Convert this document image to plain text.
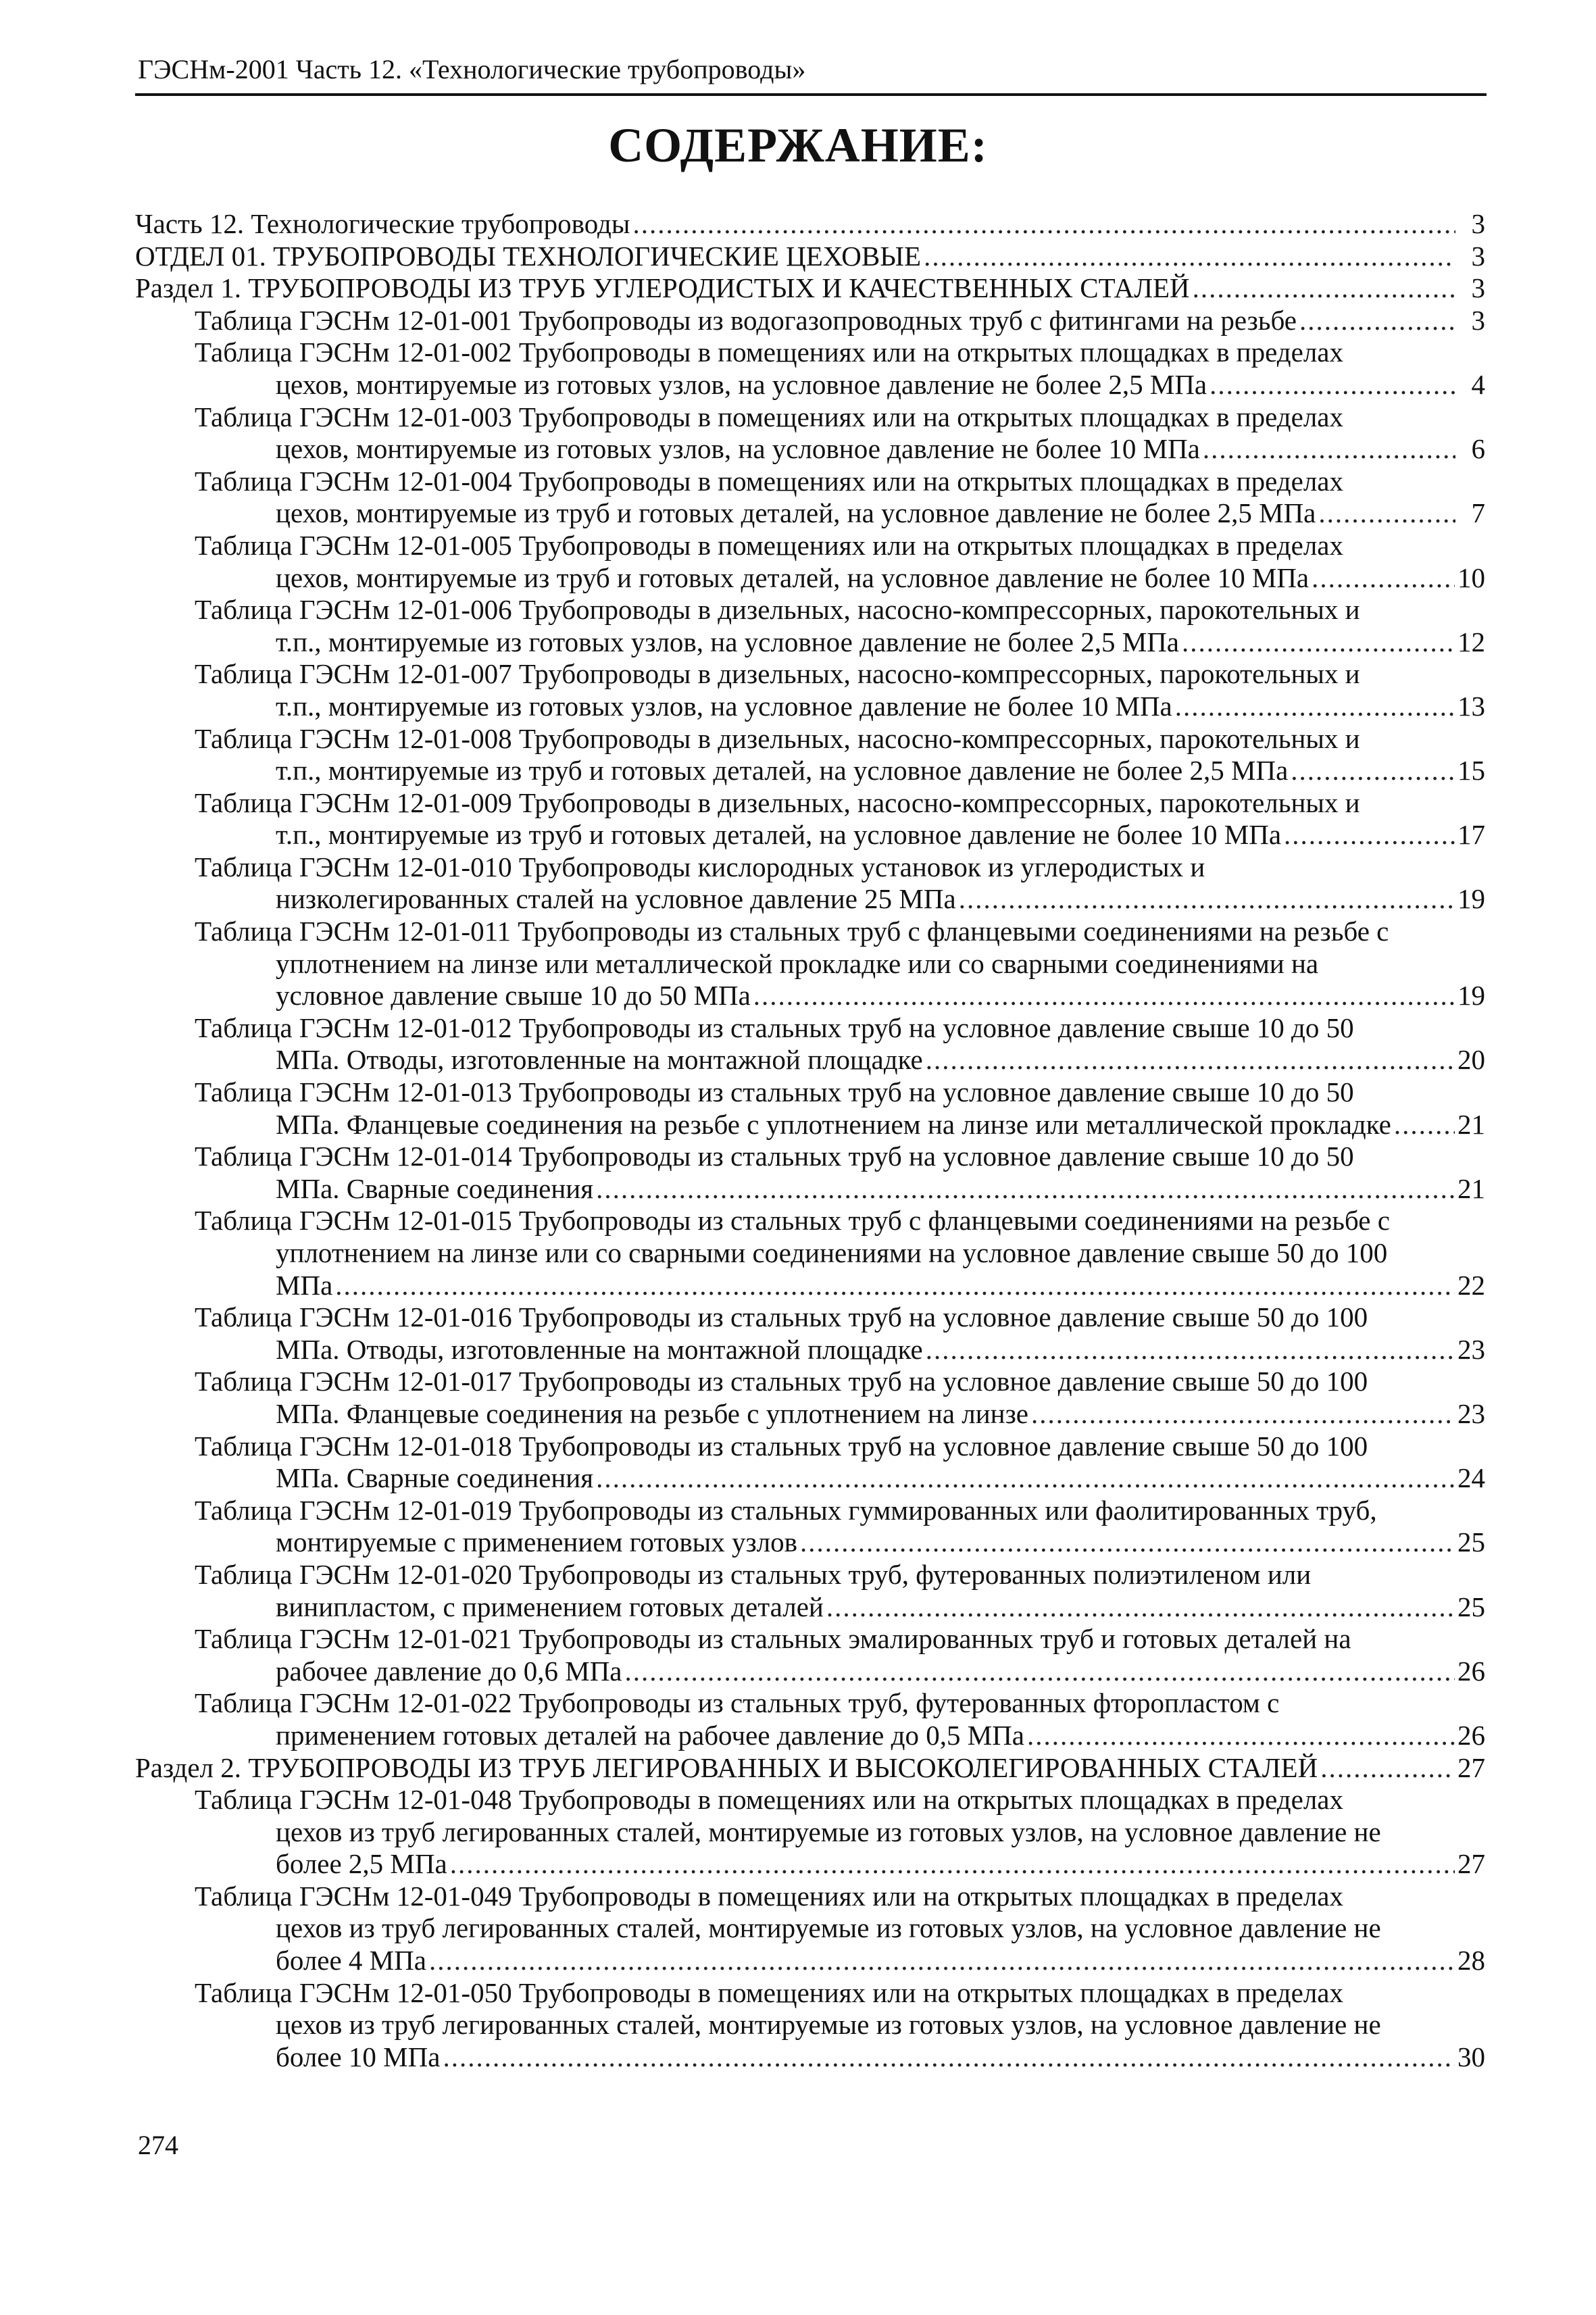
ГЭСНм-2001 Часть 12. «Технологические трубопроводы»
СОДЕРЖАНИЕ:
Часть 12. Технологические трубопроводы .....	3
ОТДЕЛ 01. ТРУБОПРОВОДЫ ТЕХНОЛОГИЧЕСКИЕ ЦЕХОВЫЕ .....	3
Раздел 1. ТРУБОПРОВОДЫ ИЗ ТРУБ УГЛЕРОДИСТЫХ И КАЧЕСТВЕННЫХ СТАЛЕЙ .....	3
Таблица ГЭСНм 12-01-001 Трубопроводы из водогазопроводных труб с фитингами на резьбе .....	3
Таблица ГЭСНм 12-01-002 Трубопроводы в помещениях или на открытых площадках в пределах
цехов, монтируемые из готовых узлов, на условное давление не более 2,5 МПа .....	4
Таблица ГЭСНм 12-01-003 Трубопроводы в помещениях или на открытых площадках в пределах
цехов, монтируемые из готовых узлов, на условное давление не более 10 МПа .....	6
Таблица ГЭСНм 12-01-004 Трубопроводы в помещениях или на открытых площадках в пределах
цехов, монтируемые из труб и готовых деталей, на условное давление не более 2,5 МПа .....	7
Таблица ГЭСНм 12-01-005 Трубопроводы в помещениях или на открытых площадках в пределах
цехов, монтируемые из труб и готовых деталей, на условное давление не более 10 МПа .....	10
Таблица ГЭСНм 12-01-006 Трубопроводы в дизельных, насосно-компрессорных, парокотельных и
т.п., монтируемые из готовых узлов, на условное давление не более 2,5 МПа .....	12
Таблица ГЭСНм 12-01-007 Трубопроводы в дизельных, насосно-компрессорных, парокотельных и
т.п., монтируемые из готовых узлов, на условное давление не более 10 МПа .....	13
Таблица ГЭСНм 12-01-008 Трубопроводы в дизельных, насосно-компрессорных, парокотельных и
т.п., монтируемые из труб и готовых деталей, на условное давление не более 2,5 МПа .....	15
Таблица ГЭСНм 12-01-009 Трубопроводы в дизельных, насосно-компрессорных, парокотельных и
т.п., монтируемые из труб и готовых деталей, на условное давление не более 10 МПа .....	17
Таблица ГЭСНм 12-01-010 Трубопроводы кислородных установок из углеродистых и
низколегированных сталей на условное давление 25 МПа .....	19
Таблица ГЭСНм 12-01-011 Трубопроводы из стальных труб с фланцевыми соединениями на резьбе с
уплотнением на линзе или металлической прокладке или со сварными соединениями на
условное давление свыше 10 до 50 МПа .....	19
Таблица ГЭСНм 12-01-012 Трубопроводы из стальных труб на условное давление свыше 10 до 50
МПа. Отводы, изготовленные на монтажной площадке .....	20
Таблица ГЭСНм 12-01-013 Трубопроводы из стальных труб на условное давление свыше 10 до 50
МПа. Фланцевые соединения на резьбе с уплотнением на линзе или металлической прокладке ..... 21
Таблица ГЭСНм 12-01-014 Трубопроводы из стальных труб на условное давление свыше 10 до 50
МПа. Сварные соединения .....	21
Таблица ГЭСНм 12-01-015 Трубопроводы из стальных труб с фланцевыми соединениями на резьбе с
уплотнением на линзе или со сварными соединениями на условное давление свыше 50 до 100
МПа .....	22
Таблица ГЭСНм 12-01-016 Трубопроводы из стальных труб на условное давление свыше 50 до 100
МПа. Отводы, изготовленные на монтажной площадке .....	23
Таблица ГЭСНм 12-01-017 Трубопроводы из стальных труб на условное давление свыше 50 до 100
МПа. Фланцевые соединения на резьбе с уплотнением на линзе .....	23
Таблица ГЭСНм 12-01-018 Трубопроводы из стальных труб на условное давление свыше 50 до 100
МПа. Сварные соединения .....	24
Таблица ГЭСНм 12-01-019 Трубопроводы из стальных гуммированных или фаолитированных труб,
монтируемые с применением готовых узлов .....	25
Таблица ГЭСНм 12-01-020 Трубопроводы из стальных труб, футерованных полиэтиленом или
винипластом, с применением готовых деталей .....	25
Таблица ГЭСНм 12-01-021 Трубопроводы из стальных эмалированных труб и готовых деталей на
рабочее давление до 0,6 МПа .....	26
Таблица ГЭСНм 12-01-022 Трубопроводы из стальных труб, футерованных фторопластом с
применением готовых деталей на рабочее давление до 0,5 МПа .....	26
Раздел 2. ТРУБОПРОВОДЫ ИЗ ТРУБ ЛЕГИРОВАННЫХ И ВЫСОКОЛЕГИРОВАННЫХ СТАЛЕЙ .....	27
Таблица ГЭСНм 12-01-048 Трубопроводы в помещениях или на открытых площадках в пределах
цехов из труб легированных сталей, монтируемые из готовых узлов, на условное давление не
более 2,5 МПа .....	27
Таблица ГЭСНм 12-01-049 Трубопроводы в помещениях или на открытых площадках в пределах
цехов из труб легированных сталей, монтируемые из готовых узлов, на условное давление не
более 4 МПа .....	28
Таблица ГЭСНм 12-01-050 Трубопроводы в помещениях или на открытых площадках в пределах
цехов из труб легированных сталей, монтируемые из готовых узлов, на условное давление не
более 10 МПа .....	30
274
